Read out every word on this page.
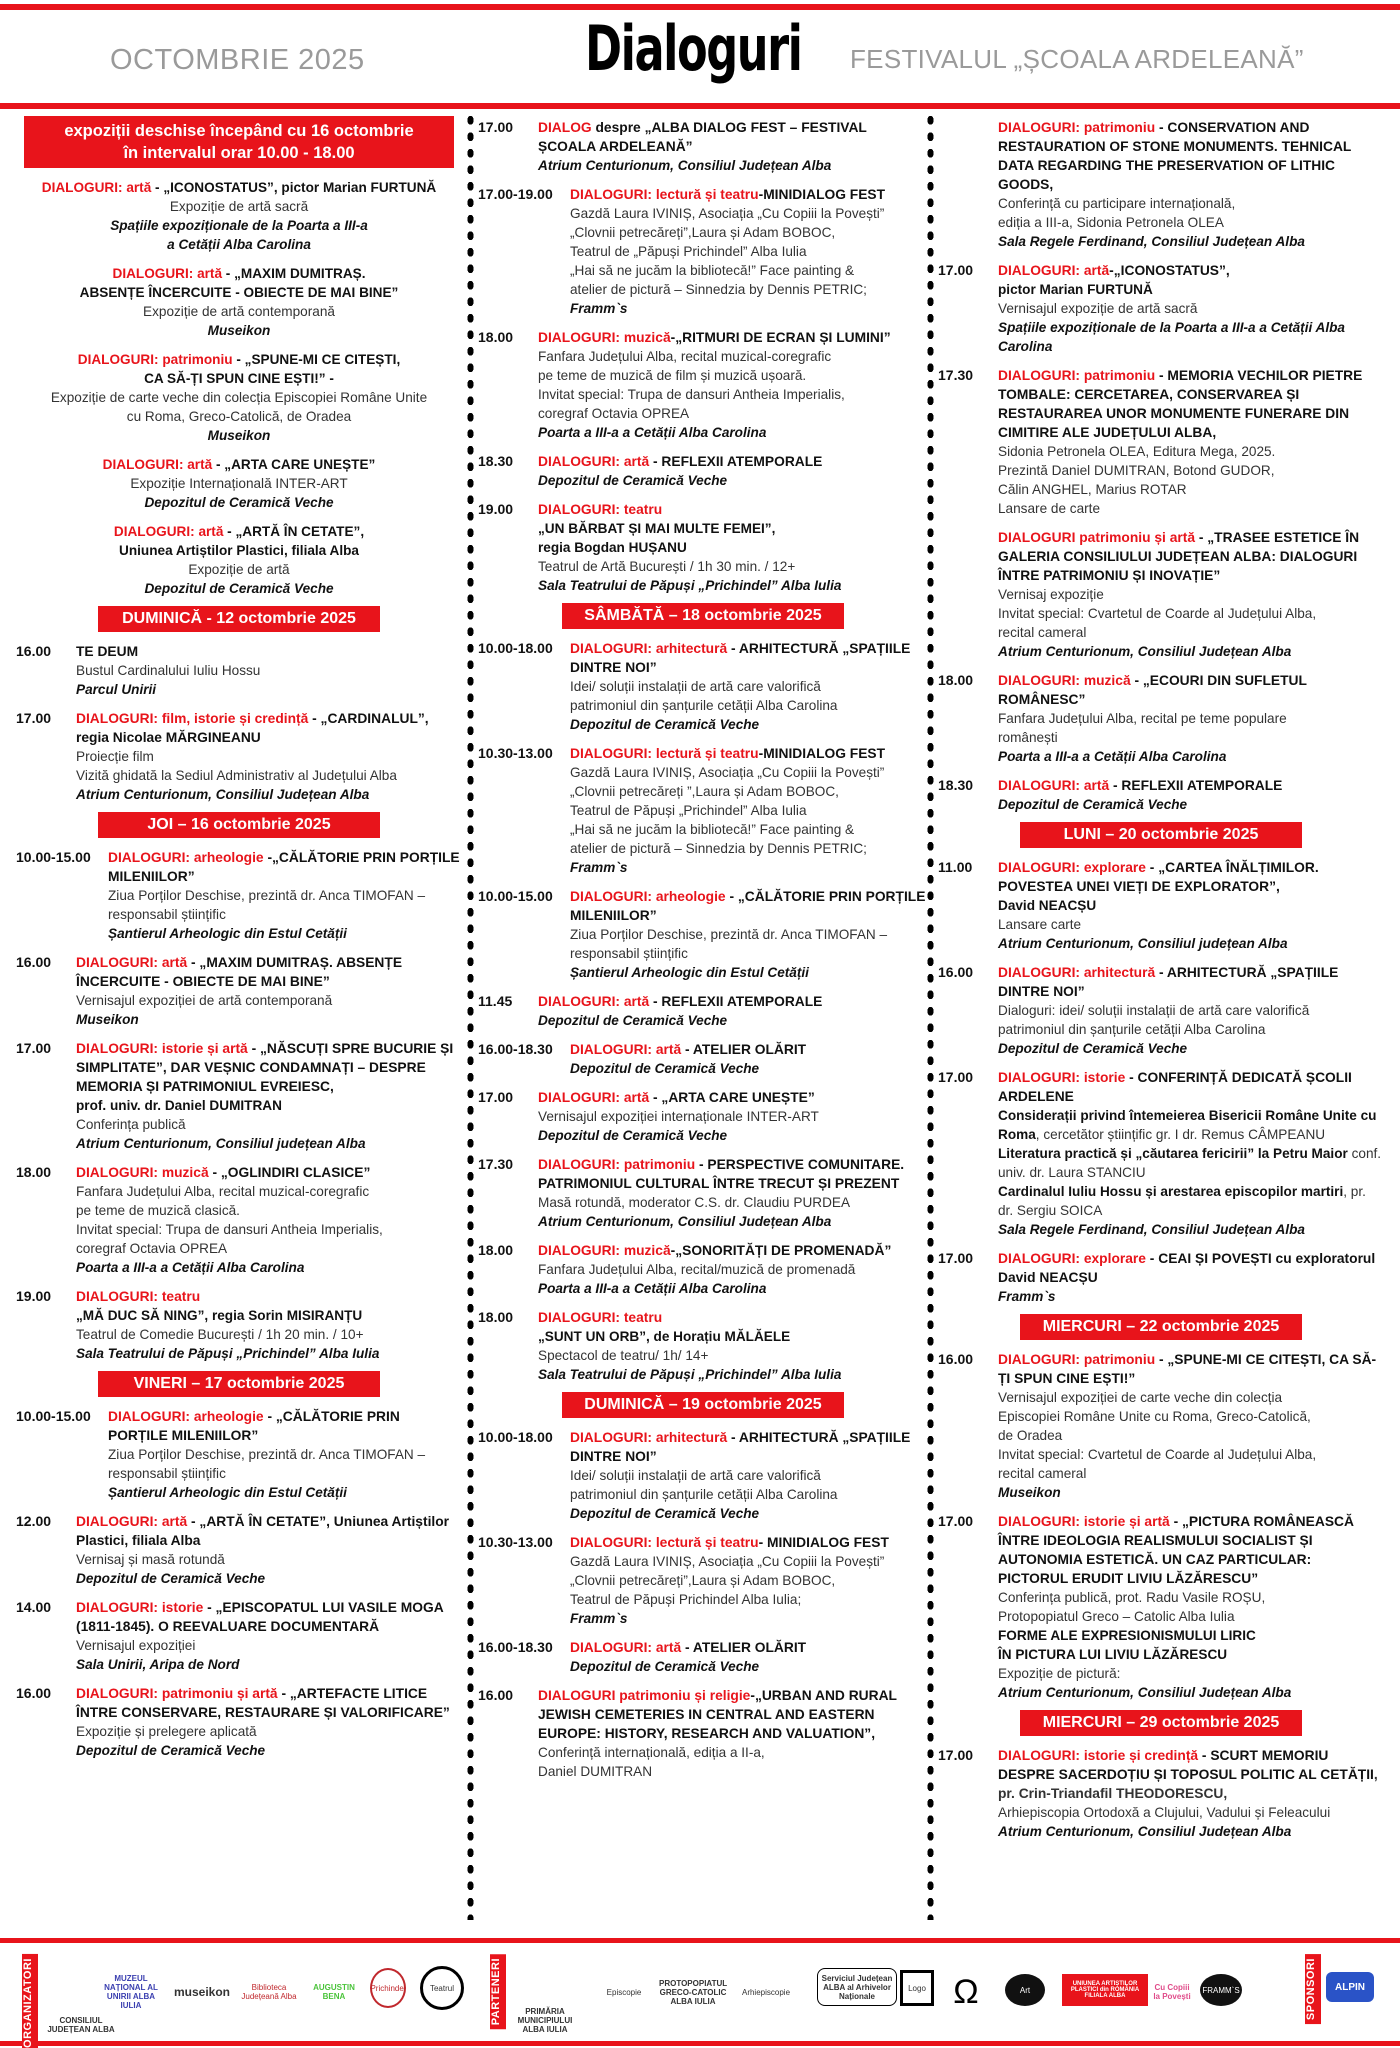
OCTOMBRIE 2025	Dialoguri FESTIVALUL „ȘCOALA ARDELEANĂ”
expoziții deschise începând cu 16 octombrie
în intervalul orar 10.00 - 18.00
DIALOGURI: artă - „ICONOSTATUS”, pictor Marian FURTUNĂ
Expoziție de artă sacră
Spațiile expoziționale de la Poarta a III-a
a Cetății Alba Carolina
DIALOGURI: artă - „MAXIM DUMITRAȘ.
ABSENȚE ÎNCERCUITE - OBIECTE DE MAI BINE”
Expoziție de artă contemporană
Museikon
DIALOGURI: patrimoniu - „SPUNE-MI CE CITEȘTI,
CA SĂ-ȚI SPUN CINE EȘTI!” -
Expoziție de carte veche din colecția Episcopiei Române Unite
cu Roma, Greco-Catolică, de Oradea
Museikon
DIALOGURI: artă - „ARTA CARE UNEȘTE”
Expoziție Internațională INTER-ART
Depozitul de Ceramică Veche
DIALOGURI: artă - „ARTĂ ÎN CETATE”,
Uniunea Artiștilor Plastici, filiala Alba
Expoziție de artă
Depozitul de Ceramică Veche
DUMINICĂ - 12 octombrie 2025
16.00	TE DEUM
Bustul Cardinalului Iuliu Hossu
Parcul Unirii
17.00	DIALOGURI: film, istorie și credință - „CARDINALUL”, regia Nicolae MĂRGINEANU
Proiecție film
Vizită ghidată la Sediul Administrativ al Județului Alba
Atrium Centurionum, Consiliul Județean Alba
JOI – 16 octombrie 2025
10.00-15.00	DIALOGURI: arheologie -„CĂLĂTORIE PRIN PORȚILE MILENIILOR”
Ziua Porților Deschise, prezintă dr. Anca TIMOFAN –
responsabil științific
Șantierul Arheologic din Estul Cetății
16.00	DIALOGURI: artă - „MAXIM DUMITRAȘ. ABSENȚE ÎNCERCUITE - OBIECTE DE MAI BINE”
Vernisajul expoziției de artă contemporană
Museikon
17.00	DIALOGURI: istorie și artă - „NĂSCUȚI SPRE BUCURIE ȘI SIMPLITATE”, DAR VEȘNIC CONDAMNAȚI – DESPRE MEMORIA ȘI PATRIMONIUL EVREIESC,
prof. univ. dr. Daniel DUMITRAN
Conferința publică
Atrium Centurionum, Consiliul județean Alba
18.00	DIALOGURI: muzică - „OGLINDIRI CLASICE”
Fanfara Județului Alba, recital muzical-coregrafic
pe teme de muzică clasică.
Invitat special: Trupa de dansuri Antheia Imperialis,
coregraf Octavia OPREA
Poarta a III-a a Cetății Alba Carolina
19.00	DIALOGURI: teatru
„MĂ DUC SĂ NING”, regia Sorin MISIRANȚU
Teatrul de Comedie București / 1h 20 min. / 10+
Sala Teatrului de Păpuși „Prichindel” Alba Iulia
VINERI – 17 octombrie 2025
10.00-15.00	DIALOGURI: arheologie - „CĂLĂTORIE PRIN PORȚILE MILENIILOR”
Ziua Porților Deschise, prezintă dr. Anca TIMOFAN –
responsabil științific
Șantierul Arheologic din Estul Cetății
12.00	DIALOGURI: artă - „ARTĂ ÎN CETATE”, Uniunea Artiștilor Plastici, filiala Alba
Vernisaj și masă rotundă
Depozitul de Ceramică Veche
14.00	DIALOGURI: istorie - „EPISCOPATUL LUI VASILE MOGA (1811-1845). O REEVALUARE DOCUMENTARĂ
Vernisajul expoziției
Sala Unirii, Aripa de Nord
16.00	DIALOGURI: patrimoniu și artă - „ARTEFACTE LITICE ÎNTRE CONSERVARE, RESTAURARE ȘI VALORIFICARE”
Expoziție și prelegere aplicată
Depozitul de Ceramică Veche
17.00	DIALOG despre „ALBA DIALOG FEST – FESTIVAL ȘCOALA ARDELEANĂ”
Atrium Centurionum, Consiliul Județean Alba
17.00-19.00	DIALOGURI: lectură și teatru-MINIDIALOG FEST
Gazdă Laura IVINIȘ, Asociația „Cu Copiii la Povești”
„Clovnii petrecăreți”,Laura și Adam BOBOC,
Teatrul de „Păpuși Prichindel” Alba Iulia
„Hai să ne jucăm la bibliotecă!” Face painting &
atelier de pictură – Sinnedzia by Dennis PETRIC;
Framm`s
18.00	DIALOGURI: muzică-„RITMURI DE ECRAN ȘI LUMINI”
Fanfara Județului Alba, recital muzical-coregrafic
pe teme de muzică de film și muzică ușoară.
Invitat special: Trupa de dansuri Antheia Imperialis,
coregraf Octavia OPREA
Poarta a III-a a Cetății Alba Carolina
18.30	DIALOGURI: artă - REFLEXII ATEMPORALE
Depozitul de Ceramică Veche
19.00	DIALOGURI: teatru
„UN BĂRBAT ȘI MAI MULTE FEMEI”,
regia Bogdan HUȘANU
Teatrul de Artă București / 1h 30 min. / 12+
Sala Teatrului de Păpuși „Prichindel” Alba Iulia
SÂMBĂTĂ – 18 octombrie 2025
10.00-18.00	DIALOGURI: arhitectură - ARHITECTURĂ „SPAȚIILE DINTRE NOI”
Idei/ soluții instalații de artă care valorifică
patrimoniul din șanțurile cetății Alba Carolina
Depozitul de Ceramică Veche
10.30-13.00	DIALOGURI: lectură și teatru-MINIDIALOG FEST
Gazdă Laura IVINIȘ, Asociația „Cu Copiii la Povești”
„Clovnii petrecăreți ”,Laura și Adam BOBOC,
Teatrul de Păpuși „Prichindel” Alba Iulia
„Hai să ne jucăm la bibliotecă!” Face painting &
atelier de pictură – Sinnedzia by Dennis PETRIC;
Framm`s
10.00-15.00	DIALOGURI: arheologie - „CĂLĂTORIE PRIN PORȚILE MILENIILOR”
Ziua Porților Deschise, prezintă dr. Anca TIMOFAN –
responsabil științific
Șantierul Arheologic din Estul Cetății
11.45	DIALOGURI: artă - REFLEXII ATEMPORALE
Depozitul de Ceramică Veche
16.00-18.30	DIALOGURI: artă - ATELIER OLĂRIT
Depozitul de Ceramică Veche
17.00	DIALOGURI: artă - „ARTA CARE UNEȘTE”
Vernisajul expoziției internaționale INTER-ART
Depozitul de Ceramică Veche
17.30	DIALOGURI: patrimoniu - PERSPECTIVE COMUNITARE. PATRIMONIUL CULTURAL ÎNTRE TRECUT ȘI PREZENT
Masă rotundă, moderator C.S. dr. Claudiu PURDEA
Atrium Centurionum, Consiliul Județean Alba
18.00	DIALOGURI: muzică-„SONORITĂȚI DE PROMENADĂ”
Fanfara Județului Alba, recital/muzică de promenadă
Poarta a III-a a Cetății Alba Carolina
18.00	DIALOGURI: teatru
„SUNT UN ORB”, de Horațiu MĂLĂELE
Spectacol de teatru/ 1h/ 14+
Sala Teatrului de Păpuși „Prichindel” Alba Iulia
DUMINICĂ – 19 octombrie 2025
10.00-18.00	DIALOGURI: arhitectură - ARHITECTURĂ „SPAȚIILE DINTRE NOI”
Idei/ soluții instalații de artă care valorifică
patrimoniul din șanțurile cetății Alba Carolina
Depozitul de Ceramică Veche
10.30-13.00	DIALOGURI: lectură și teatru- MINIDIALOG FEST
Gazdă Laura IVINIȘ, Asociația „Cu Copiii la Povești”
„Clovnii petrecăreți”,Laura și Adam BOBOC,
Teatrul de Păpuși Prichindel Alba Iulia;
Framm`s
16.00-18.30	DIALOGURI: artă - ATELIER OLĂRIT
Depozitul de Ceramică Veche
16.00	DIALOGURI patrimoniu și religie-„URBAN AND RURAL JEWISH CEMETERIES IN CENTRAL AND EASTERN EUROPE: HISTORY, RESEARCH AND VALUATION”,
Conferință internațională, ediția a II-a,
Daniel DUMITRAN
DIALOGURI: patrimoniu - CONSERVATION AND RESTAURATION OF STONE MONUMENTS. TEHNICAL DATA REGARDING THE PRESERVATION OF LITHIC GOODS,
Conferință cu participare internațională,
ediția a III-a, Sidonia Petronela OLEA
Sala Regele Ferdinand, Consiliul Județean Alba
17.00	DIALOGURI: artă-„ICONOSTATUS”,
pictor Marian FURTUNĂ
Vernisajul expoziție de artă sacră
Spațiile expoziționale de la Poarta a III-a a Cetății Alba Carolina
17.30	DIALOGURI: patrimoniu - MEMORIA VECHILOR PIETRE TOMBALE: CERCETAREA, CONSERVAREA ȘI RESTAURAREA UNOR MONUMENTE FUNERARE DIN CIMITIRE ALE JUDEȚULUI ALBA,
Sidonia Petronela OLEA, Editura Mega, 2025.
Prezintă Daniel DUMITRAN, Botond GUDOR,
Călin ANGHEL, Marius ROTAR
Lansare de carte
DIALOGURI patrimoniu și artă - „TRASEE ESTETICE ÎN GALERIA CONSILIULUI JUDEȚEAN ALBA: DIALOGURI ÎNTRE PATRIMONIU ȘI INOVAȚIE”
Vernisaj expoziție
Invitat special: Cvartetul de Coarde al Județului Alba,
recital cameral
Atrium Centurionum, Consiliul Județean Alba
18.00	DIALOGURI: muzică - „ECOURI DIN SUFLETUL ROMÂNESC”
Fanfara Județului Alba, recital pe teme populare
românești
Poarta a III-a a Cetății Alba Carolina
18.30	DIALOGURI: artă - REFLEXII ATEMPORALE
Depozitul de Ceramică Veche
LUNI – 20 octombrie 2025
11.00	DIALOGURI: explorare - „CARTEA ÎNĂLȚIMILOR. POVESTEA UNEI VIEȚI DE EXPLORATOR”,
David NEACȘU
Lansare carte
Atrium Centurionum, Consiliul județean Alba
16.00	DIALOGURI: arhitectură - ARHITECTURĂ „SPAȚIILE DINTRE NOI”
Dialoguri: idei/ soluții instalații de artă care valorifică
patrimoniul din șanțurile cetății Alba Carolina
Depozitul de Ceramică Veche
17.00	DIALOGURI: istorie - CONFERINȚĂ DEDICATĂ ȘCOLII ARDELENE
Considerații privind întemeierea Bisericii Române Unite cu Roma, cercetător științific gr. I dr. Remus CÂMPEANU
Literatura practică și „căutarea fericirii” la Petru Maior conf. univ. dr. Laura STANCIU
Cardinalul Iuliu Hossu și arestarea episcopilor martiri, pr. dr. Sergiu SOICA
Sala Regele Ferdinand, Consiliul Județean Alba
17.00	DIALOGURI: explorare - CEAI ȘI POVEȘTI cu exploratorul David NEACȘU
Framm`s
MIERCURI – 22 octombrie 2025
16.00	DIALOGURI: patrimoniu - „SPUNE-MI CE CITEȘTI, CA SĂ-ȚI SPUN CINE EȘTI!”
Vernisajul expoziției de carte veche din colecția
Episcopiei Române Unite cu Roma, Greco-Catolică,
de Oradea
Invitat special: Cvartetul de Coarde al Județului Alba,
recital cameral
Museikon
17.00	DIALOGURI: istorie și artă - „PICTURA ROMÂNEASCĂ ÎNTRE IDEOLOGIA REALISMULUI SOCIALIST ȘI AUTONOMIA ESTETICĂ. UN CAZ PARTICULAR: PICTORUL ERUDIT LIVIU LĂZĂRESCU”
Conferința publică, prot. Radu Vasile ROȘU,
Protopopiatul Greco – Catolic Alba Iulia
FORME ALE EXPRESIONISMULUI LIRIC
ÎN PICTURA LUI LIVIU LĂZĂRESCU
Expoziție de pictură:
Atrium Centurionum, Consiliul Județean Alba
MIERCURI – 29 octombrie 2025
17.00	DIALOGURI: istorie și credință - SCURT MEMORIU DESPRE SACERDOȚIU ȘI TOPOSUL POLITIC AL CETĂȚII, pr. Crin-Triandafil THEODORESCU,
Arhiepiscopia Ortodoxă a Clujului, Vadului și Feleacului
Atrium Centurionum, Consiliul Județean Alba
ORGANIZATORI	PARTENERI	SPONSORI
CONSILIUL JUDEȚEAN ALBA
MUZEUL NAȚIONAL AL UNIRII ALBA IULIA
museikon	Biblioteca Județeană Alba
AUGUSTIN BENA
Prichindel	Teatrul
PRIMĂRIA MUNICIPIULUI ALBA IULIA
Episcopie
PROTOPOPIATUL GRECO-CATOLIC ALBA IULIA
Arhiepiscopie
Serviciul Județean ALBA al Arhivelor Naționale
Logo Ω	Art
UNIUNEA ARTIȘTILOR PLASTICI din ROMÂNIA FILIALA ALBA
Cu Copiii la Povești
FRAMM`S	ALPIN
